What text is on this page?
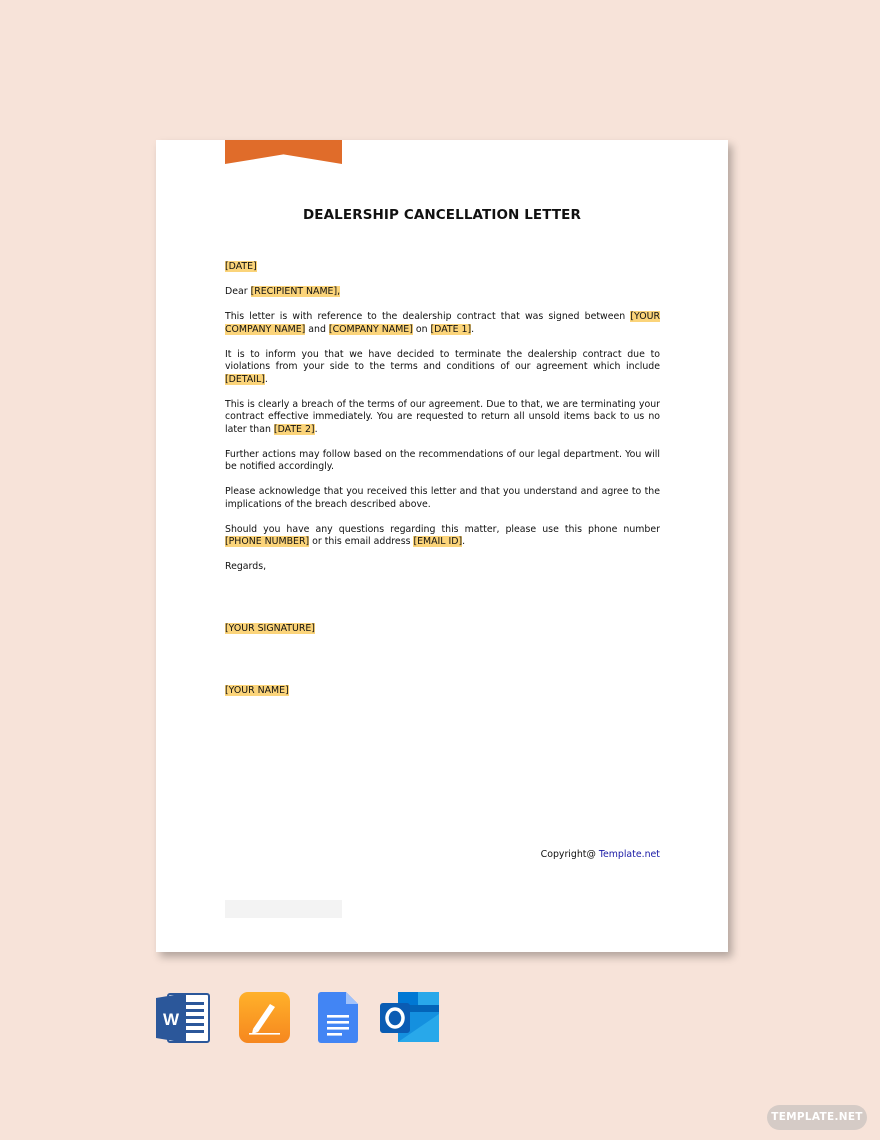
DEALERSHIP CANCELLATION LETTER

[DATE]

Dear [RECIPIENT NAME],

This letter is with reference to the dealership contract that was signed between [YOUR COMPANY NAME] and [COMPANY NAME] on [DATE 1].

It is to inform you that we have decided to terminate the dealership contract due to violations from your side to the terms and conditions of our agreement which include [DETAIL].

This is clearly a breach of the terms of our agreement. Due to that, we are terminating your contract effective immediately. You are requested to return all unsold items back to us no later than [DATE 2].

Further actions may follow based on the recommendations of our legal department. You will be notified accordingly.

Please acknowledge that you received this letter and that you understand and agree to the implications of the breach described above.

Should you have any questions regarding this matter, please use this phone number [PHONE NUMBER] or this email address [EMAIL ID].

Regards,

[YOUR SIGNATURE]

[YOUR NAME]

Copyright@ Template.net
W
TEMPLATE.NET
